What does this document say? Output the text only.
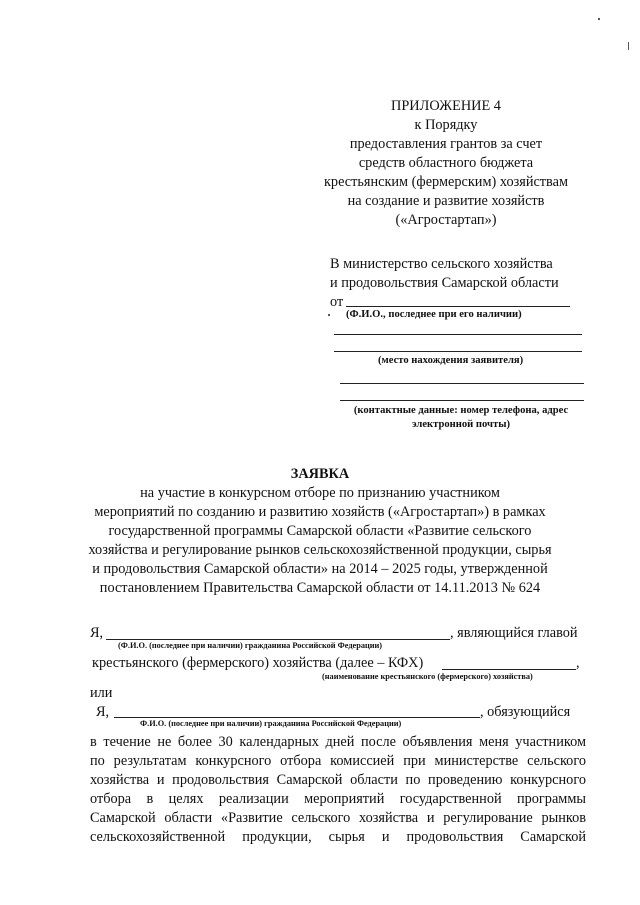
ПРИЛОЖЕНИЕ 4
к Порядку
предоставления грантов за счет
средств областного бюджета
крестьянским (фермерским) хозяйствам
на создание и развитие хозяйств
(«Агростартап»)
В министерство сельского хозяйства
и продовольствия Самарской области
от
(Ф.И.О., последнее при его наличии)
(место нахождения заявителя)
(контактные данные: номер телефона, адрес
электронной почты)
ЗАЯВКА
на участие в конкурсном отборе по признанию участником
мероприятий по созданию и развитию хозяйств («Агростартап») в рамках
государственной программы Самарской области «Развитие сельского
хозяйства и регулирование рынков сельскохозяйственной продукции, сырья
и продовольствия Самарской области» на 2014 – 2025 годы, утвержденной
постановлением Правительства Самарской области от 14.11.2013 № 624
Я,	, являющийся главой
(Ф.И.О. (последнее при наличии) гражданина Российской Федерации)
крестьянского (фермерского) хозяйства (далее – КФХ)	,
(наименование крестьянского (фермерского) хозяйства)
или
Я,	, обязующийся
Ф.И.О. (последнее при наличии) гражданина Российской Федерации)
в течение не более 30 календарных дней после объявления меня участником
по результатам конкурсного отбора комиссией при министерстве сельского
хозяйства и продовольствия Самарской области по проведению конкурсного
отбора в целях реализации мероприятий государственной программы
Самарской области «Развитие сельского хозяйства и регулирование рынков
сельскохозяйственной продукции, сырья и продовольствия Самарской
